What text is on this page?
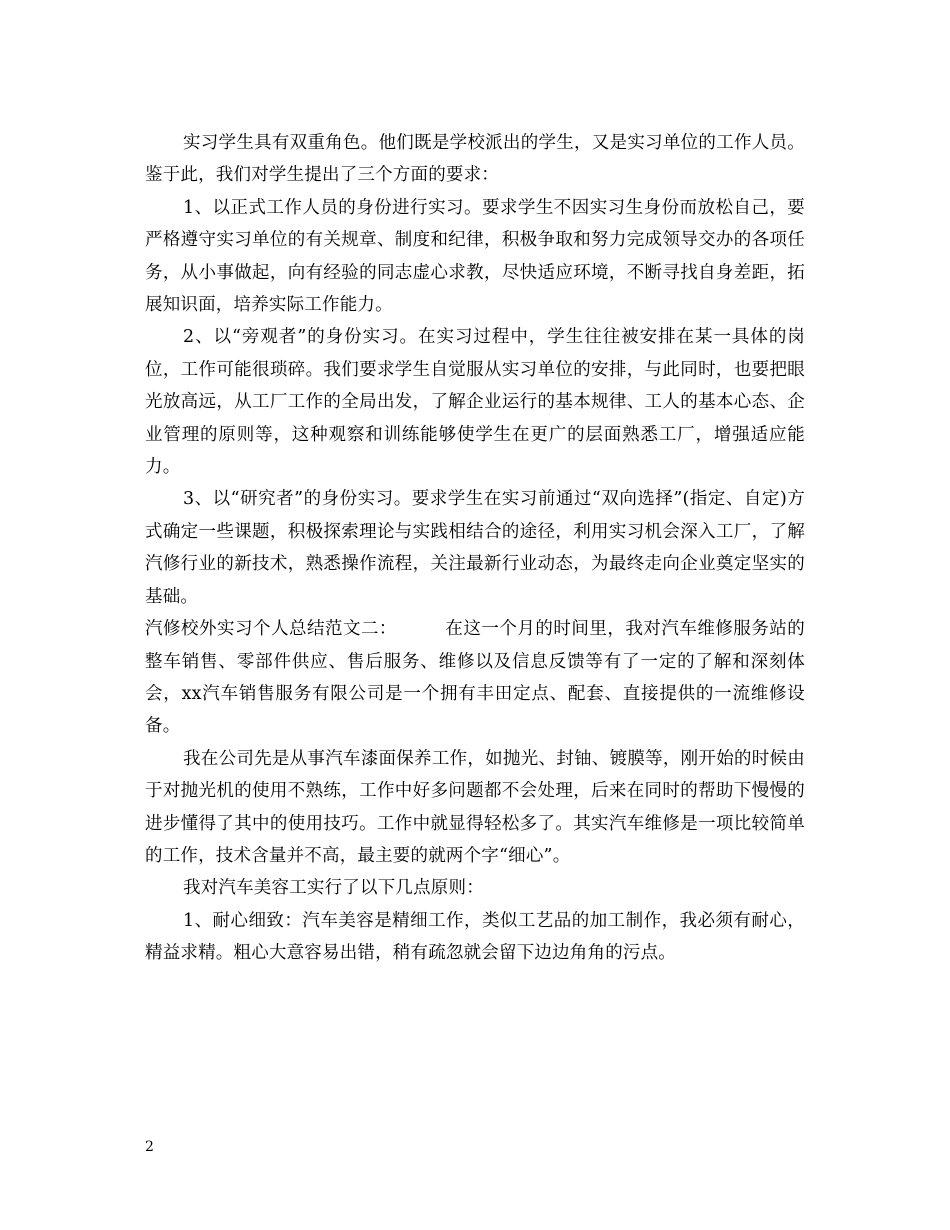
实习学生具有双重角色。他们既是学校派出的学生，又是实习单位的工作人员。鉴于此，我们对学生提出了三个方面的要求：

1、以正式工作人员的身份进行实习。要求学生不因实习生身份而放松自己，要严格遵守实习单位的有关规章、制度和纪律，积极争取和努力完成领导交办的各项任务，从小事做起，向有经验的同志虚心求教，尽快适应环境，不断寻找自身差距，拓展知识面，培养实际工作能力。

2、以“旁观者”的身份实习。在实习过程中，学生往往被安排在某一具体的岗位，工作可能很琐碎。我们要求学生自觉服从实习单位的安排，与此同时，也要把眼光放高远，从工厂工作的全局出发，了解企业运行的基本规律、工人的基本心态、企业管理的原则等，这种观察和训练能够使学生在更广的层面熟悉工厂，增强适应能力。

3、以“研究者”的身份实习。要求学生在实习前通过“双向选择”(指定、自定)方式确定一些课题，积极探索理论与实践相结合的途径，利用实习机会深入工厂，了解汽修行业的新技术，熟悉操作流程，关注最新行业动态，为最终走向企业奠定坚实的基础。

汽修校外实习个人总结范文二：        在这一个月的时间里，我对汽车维修服务站的整车销售、零部件供应、售后服务、维修以及信息反馈等有了一定的了解和深刻体会，xx汽车销售服务有限公司是一个拥有丰田定点、配套、直接提供的一流维修设备。

我在公司先是从事汽车漆面保养工作，如抛光、封铀、镀膜等，刚开始的时候由于对抛光机的使用不熟练，工作中好多问题都不会处理，后来在同时的帮助下慢慢的进步懂得了其中的使用技巧。工作中就显得轻松多了。其实汽车维修是一项比较简单的工作，技术含量并不高，最主要的就两个字“细心”。

我对汽车美容工实行了以下几点原则：

1、耐心细致：汽车美容是精细工作，类似工艺品的加工制作，我必须有耐心，精益求精。粗心大意容易出错，稍有疏忽就会留下边边角角的污点。

2
